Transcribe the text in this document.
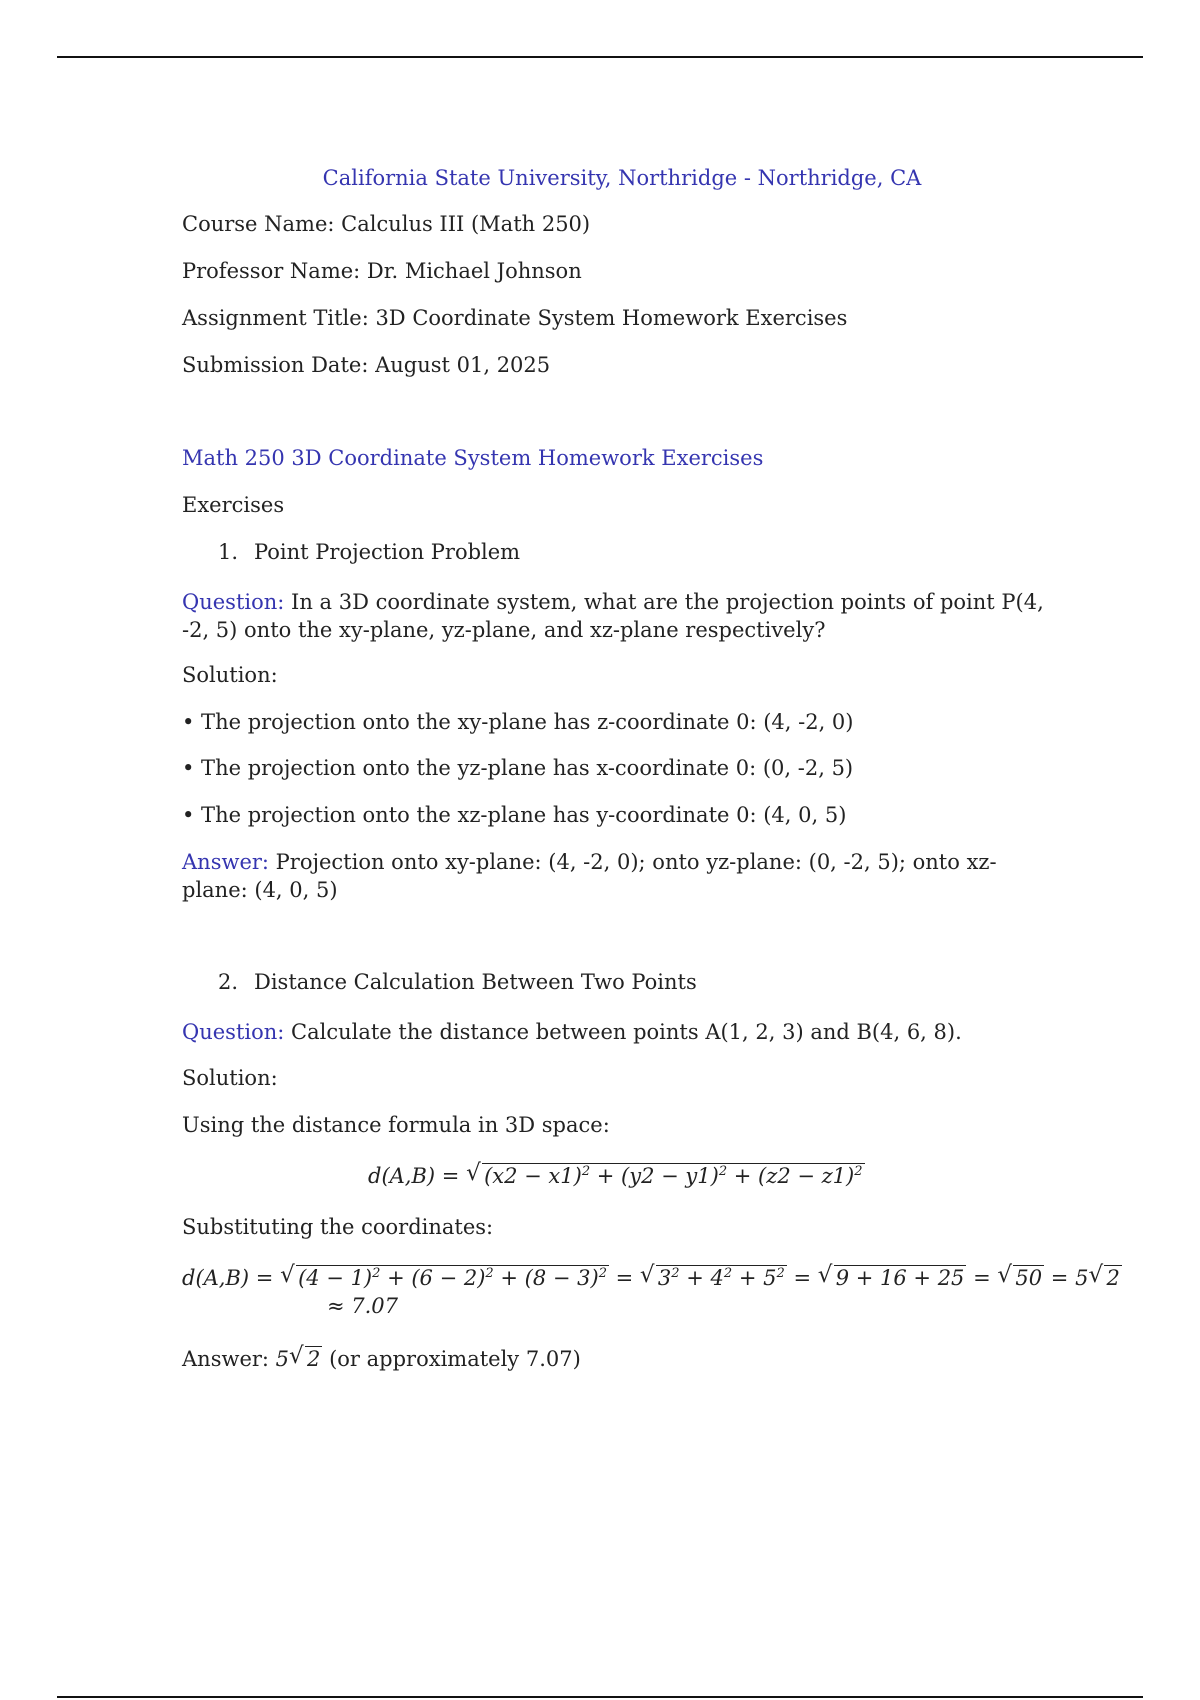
California State University, Northridge - Northridge, CA
Course Name: Calculus III (Math 250)
Professor Name: Dr. Michael Johnson
Assignment Title: 3D Coordinate System Homework Exercises
Submission Date: August 01, 2025
Math 250 3D Coordinate System Homework Exercises
Exercises
1. Point Projection Problem
Question: In a 3D coordinate system, what are the projection points of point P(4, -2, 5) onto the xy-plane, yz-plane, and xz-plane respectively?
Solution:
• The projection onto the xy-plane has z-coordinate 0: (4, -2, 0)
• The projection onto the yz-plane has x-coordinate 0: (0, -2, 5)
• The projection onto the xz-plane has y-coordinate 0: (4, 0, 5)
Answer: Projection onto xy-plane: (4, -2, 0); onto yz-plane: (0, -2, 5); onto xz-plane: (4, 0, 5)
2. Distance Calculation Between Two Points
Question: Calculate the distance between points A(1, 2, 3) and B(4, 6, 8).
Solution:
Using the distance formula in 3D space:
d(A,B) = √ $(x2 - x1)^2 + (y2 - y1)^2 + (z2 - z1)^2$
Substituting the coordinates:
d(A,B) = √ $(4 - 1)^2 + (6 - 2)^2 + (8 - 3)^2$ = √ $3^2 + 4^2 + 5^2$ = √ 9 + 16 + 25 = √ 50 = 5 √ 2
≈ 7.07
Answer: 5 √ 2 (or approximately 7.07)
